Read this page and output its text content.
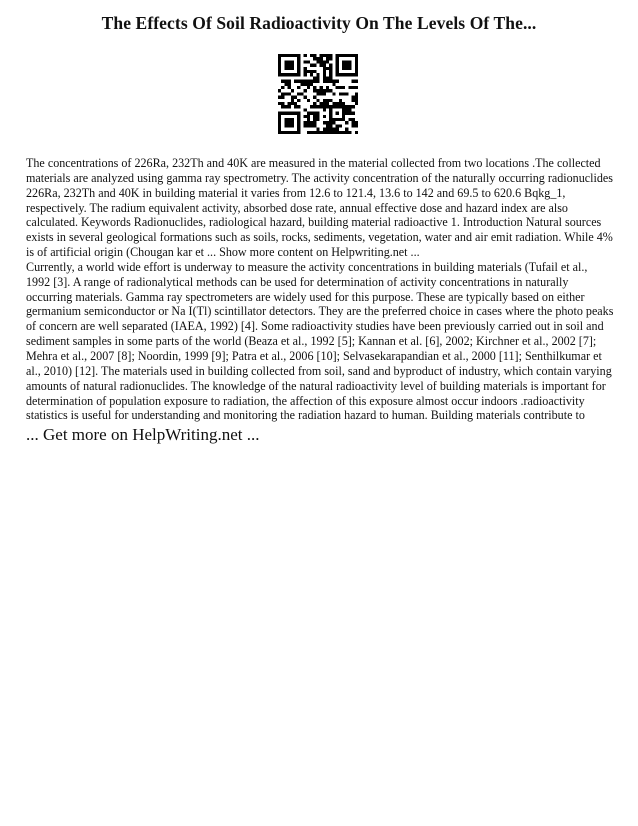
The Effects Of Soil Radioactivity On The Levels Of The...

The concentrations of 226Ra, 232Th and 40K are measured in the material collected from two locations .The collected materials are analyzed using gamma ray spectrometry. The activity concentration of the naturally occurring radionuclides 226Ra, 232Th and 40K in building material it varies from 12.6 to 121.4, 13.6 to 142 and 69.5 to 620.6 Bqkg_1, respectively. The radium equivalent activity, absorbed dose rate, annual effective dose and hazard index are also calculated. Keywords Radionuclides, radiological hazard, building material radioactive 1. Introduction Natural sources exists in several geological formations such as soils, rocks, sediments, vegetation, water and air emit radiation. While 4% is of artificial origin (Chougan kar et ... Show more content on Helpwriting.net ...

Currently, a world wide effort is underway to measure the activity concentrations in building materials (Tufail et al., 1992 [3]. A range of radionalytical methods can be used for determination of activity concentrations in naturally occurring materials. Gamma ray spectrometers are widely used for this purpose. These are typically based on either germanium semiconductor or Na I(Tl) scintillator detectors. They are the preferred choice in cases where the photo peaks of concern are well separated (IAEA, 1992) [4]. Some radioactivity studies have been previously carried out in soil and sediment samples in some parts of the world (Beaza et al., 1992 [5]; Kannan et al. [6], 2002; Kirchner et al., 2002 [7]; Mehra et al., 2007 [8]; Noordin, 1999 [9]; Patra et al., 2006 [10]; Selvasekarapandian et al., 2000 [11]; Senthilkumar et al., 2010) [12]. The materials used in building collected from soil, sand and byproduct of industry, which contain varying amounts of natural radionuclides. The knowledge of the natural radioactivity level of building materials is important for determination of population exposure to radiation, the affection of this exposure almost occur indoors .radioactivity statistics is useful for understanding and monitoring the radiation hazard to human. Building materials contribute to

... Get more on HelpWriting.net ...
